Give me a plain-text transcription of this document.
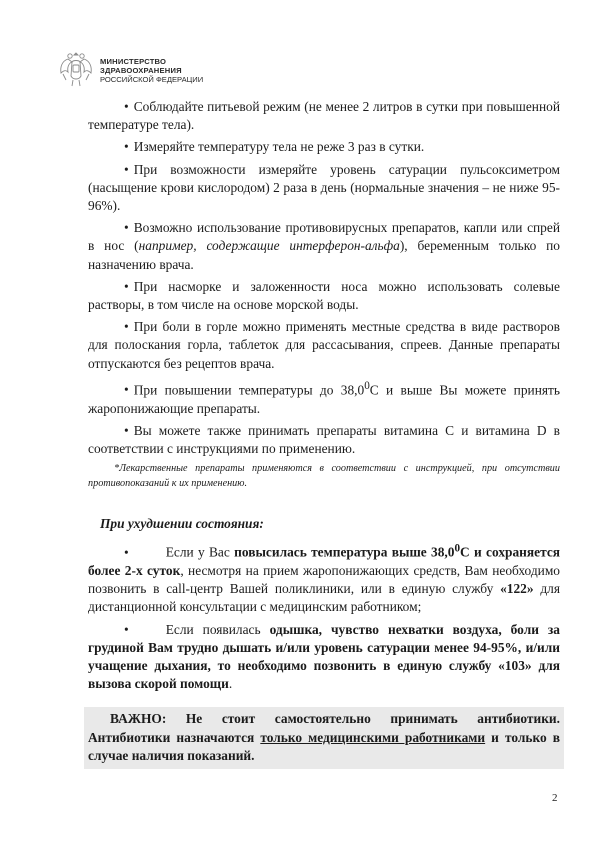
МИНИСТЕРСТВО
ЗДРАВООХРАНЕНИЯ
РОССИЙСКОЙ ФЕДЕРАЦИИ

• Соблюдайте питьевой режим (не менее 2 литров в сутки при повышенной температуре тела).

• Измеряйте температуру тела не реже 3 раз в сутки.

• При возможности измеряйте уровень сатурации пульсоксиметром (насыщение крови кислородом) 2 раза в день (нормальные значения – не ниже 95-96%).

• Возможно использование противовирусных препаратов, капли или спрей в нос (например, содержащие интерферон-альфа), беременным только по назначению врача.

• При насморке и заложенности носа можно использовать солевые растворы, в том числе на основе морской воды.

• При боли в горле можно применять местные средства в виде растворов для полоскания горла, таблеток для рассасывания, спреев. Данные препараты отпускаются без рецептов врача.

• При повышении температуры до 38,0$^0$С и выше Вы можете принять жаропонижающие препараты.

• Вы можете также принимать препараты витамина С и витамина D в соответствии с инструкциями по применению.

*Лекарственные препараты применяются в соответствии с инструкцией, при отсутствии противопоказаний к их применению.

При ухудшении состояния:

•	Если у Вас повысилась температура выше 38,0$^0$С и сохраняется более 2-х суток, несмотря на прием жаропонижающих средств, Вам необходимо позвонить в call-центр Вашей поликлиники, или в единую службу «122» для дистанционной консультации с медицинским работником;

•	Если появилась одышка, чувство нехватки воздуха, боли за грудиной Вам трудно дышать и/или уровень сатурации менее 94-95%, и/или учащение дыхания, то необходимо позвонить в единую службу «103» для вызова скорой помощи.

ВАЖНО: Не стоит самостоятельно принимать антибиотики. Антибиотики назначаются только медицинскими работниками и только в случае наличия показаний.

2
